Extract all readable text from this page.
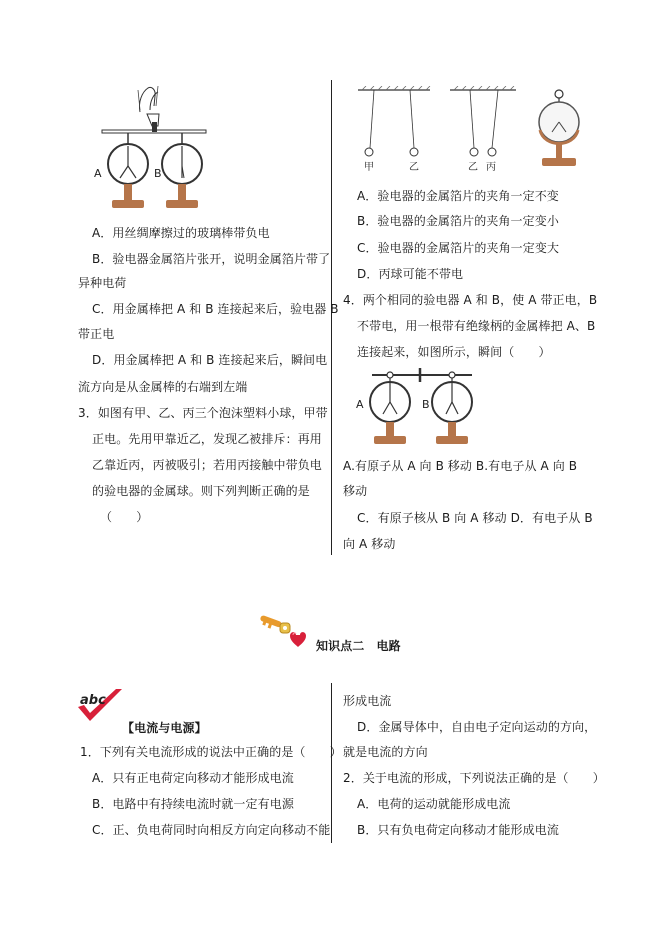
A	B
A．用丝绸摩擦过的玻璃棒带负电
B．验电器金属箔片张开，说明金属箔片带了
异种电荷
C．用金属棒把 A 和 B 连接起来后，验电器 B
带正电
D．用金属棒把 A 和 B 连接起来后，瞬间电
流方向是从金属棒的右端到左端
3．如图有甲、乙、丙三个泡沫塑料小球，甲带
正电。先用甲靠近乙，发现乙被排斥：再用
乙靠近丙，丙被吸引；若用丙接触中带负电
的验电器的金属球。则下列判断正确的是
（　　）
甲	乙	乙 丙
A．验电器的金属箔片的夹角一定不变
B．验电器的金属箔片的夹角一定变小
C．验电器的金属箔片的夹角一定变大
D．丙球可能不带电
4．两个相同的验电器 A 和 B，使 A 带正电，B
不带电，用一根带有绝缘柄的金属棒把 A、B
连接起来，如图所示，瞬间（　　）
A	B
A.有原子从 A 向 B 移动 B.有电子从 A 向 B
移动
C．有原子核从 B 向 A 移动 D．有电子从 B
向 A 移动
知识点二　电路
abc
【电流与电源】
1．下列有关电流形成的说法中正确的是（　　）
A．只有正电荷定向移动才能形成电流
B．电路中有持续电流时就一定有电源
C．正、负电荷同时向相反方向定向移动不能
形成电流
D．金属导体中，自由电子定向运动的方向，
就是电流的方向
2．关于电流的形成，下列说法正确的是（　　）
A．电荷的运动就能形成电流
B．只有负电荷定向移动才能形成电流
